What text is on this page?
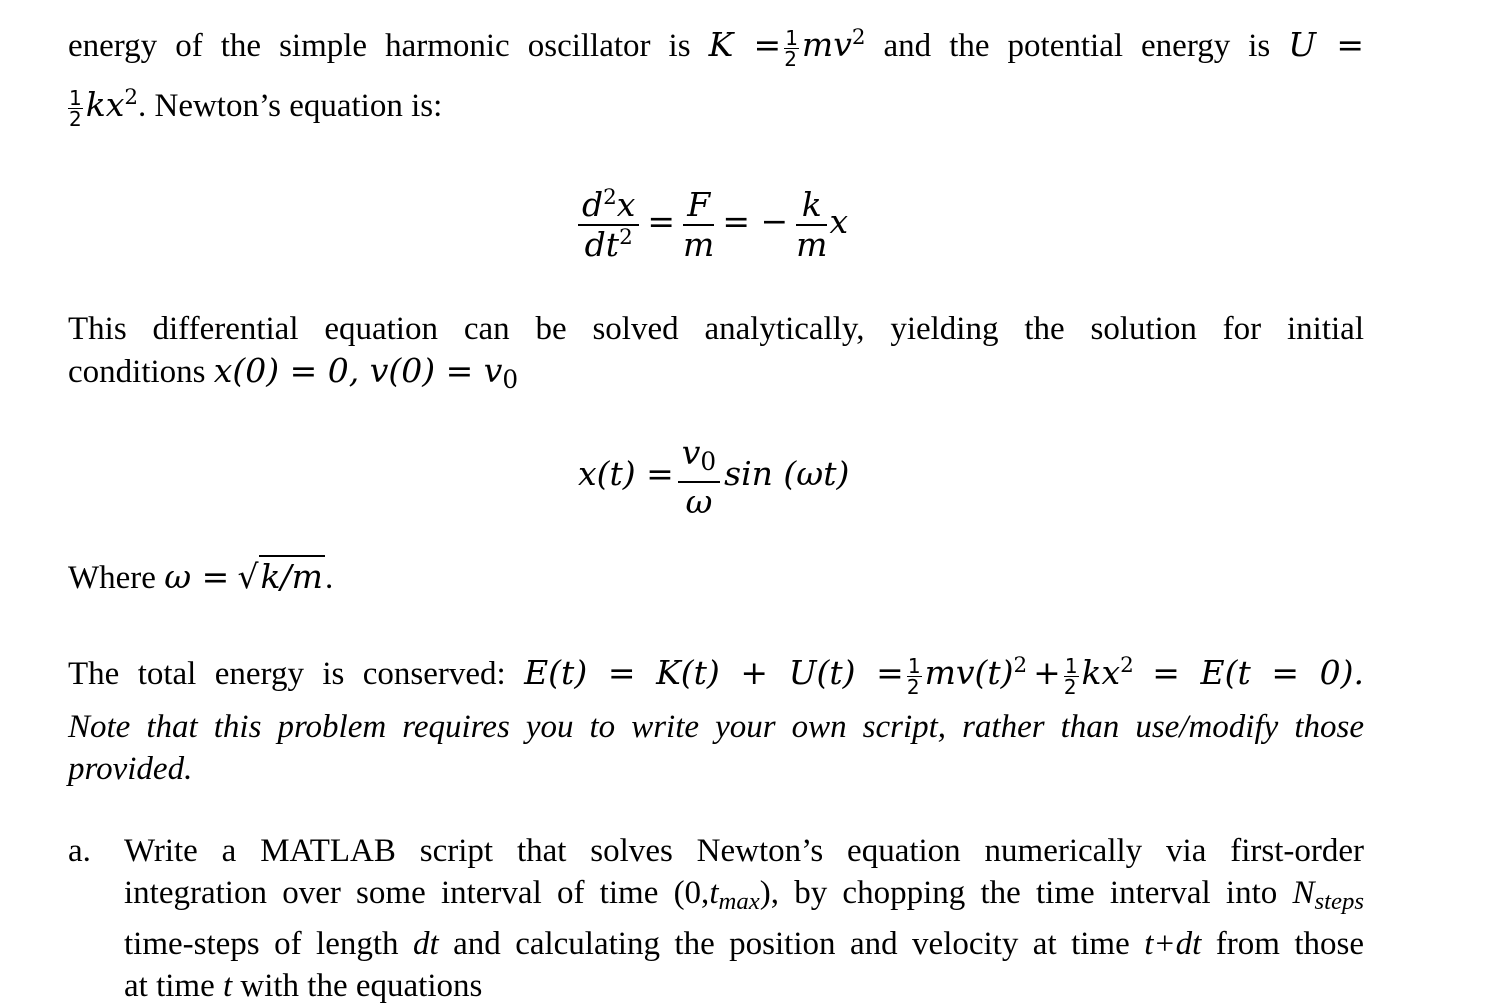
energy of the simple harmonic oscillator is $K = \frac{1}{2} mv^2$ and the potential energy is U =
$\frac{1}{2} kx^2$. Newton’s equation is:
$\frac{d^2x}{dt^2} = \frac{F}{m}$ = − $\frac{k}{m}$ x
This differential equation can be solved analytically, yielding the solution for initial
conditions x(0) = 0, $v(0) = v_0$
$x(t) = \frac{v_0}{\omega}$ sin (ωt)
Where ω = √k/m.
The total energy is conserved: $E(t) = K(t) + U(t) = \frac{1}{2} mv(t)^2 + \frac{1}{2} kx^2 = E(t = 0)$.
Note that this problem requires you to write your own script, rather than use/modify those
provided.
a. Write a MATLAB script that solves Newton’s equation numerically via first-order
integration over some interval of time $(0,t_{max})$, by chopping the time interval into $N_{steps}$
time-steps of length dt and calculating the position and velocity at time t+dt from those
at time t with the equations
